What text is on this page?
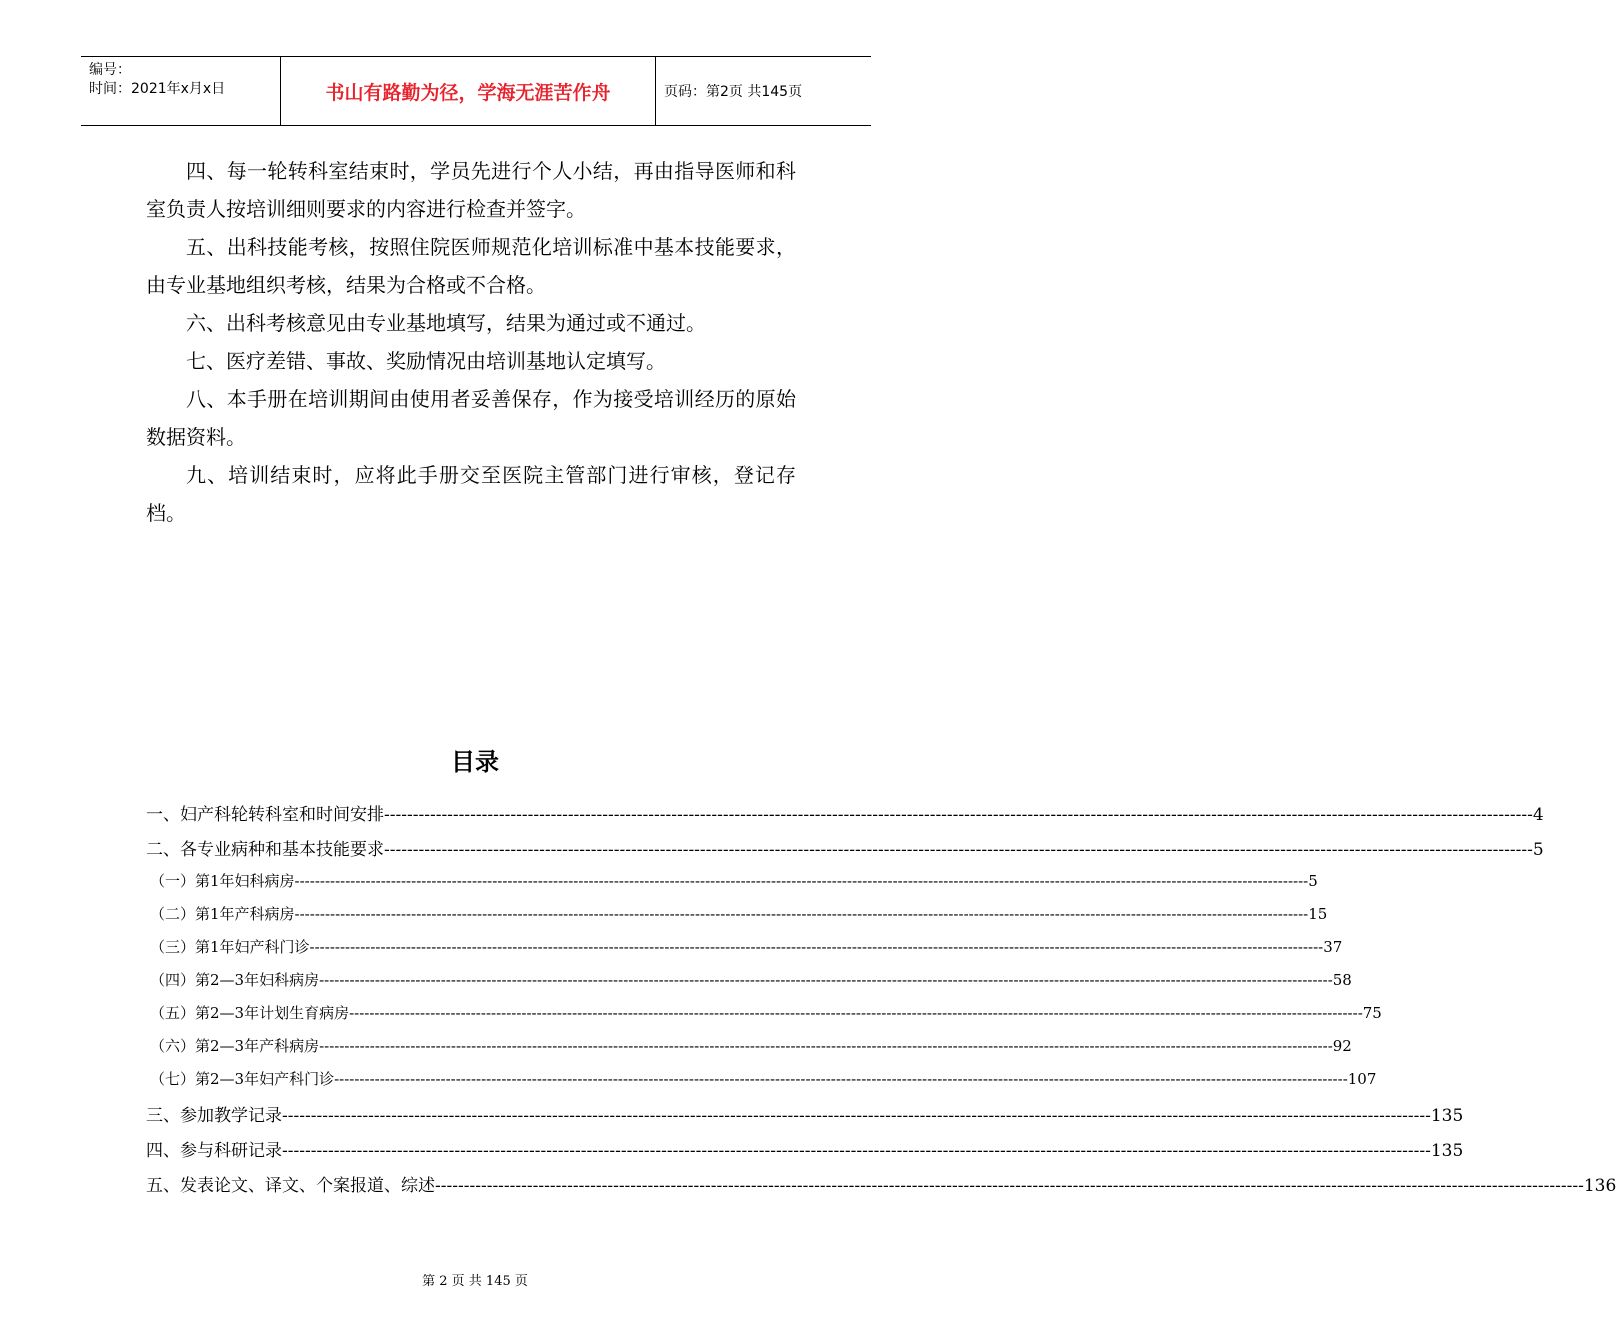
编号：
时间：2021年x月x日	书山有路勤为径，学海无涯苦作舟	页码：第2页 共145页

四、每一轮转科室结束时，学员先进行个人小结，再由指导医师和科室负责人按培训细则要求的内容进行检查并签字。

五、出科技能考核，按照住院医师规范化培训标准中基本技能要求，由专业基地组织考核，结果为合格或不合格。

六、出科考核意见由专业基地填写，结果为通过或不通过。

七、医疗差错、事故、奖励情况由培训基地认定填写。

八、本手册在培训期间由使用者妥善保存，作为接受培训经历的原始数据资料。

九、培训结束时，应将此手册交至医院主管部门进行审核，登记存档。

目录
一、妇产科轮转科室和时间安排 -------------------------------------------------------------------------------------------------------------------------------------------------------------------------------------------------------- 4
二、各专业病种和基本技能要求 -------------------------------------------------------------------------------------------------------------------------------------------------------------------------------------------------------- 5
（一）第1年妇科病房 -------------------------------------------------------------------------------------------------------------------------------------------------------------------------------------------------------- 5
（二）第1年产科病房 -------------------------------------------------------------------------------------------------------------------------------------------------------------------------------------------------------- 15
（三）第1年妇产科门诊 -------------------------------------------------------------------------------------------------------------------------------------------------------------------------------------------------------- 37
（四）第2—3年妇科病房 -------------------------------------------------------------------------------------------------------------------------------------------------------------------------------------------------------- 58
（五）第2—3年计划生育病房 -------------------------------------------------------------------------------------------------------------------------------------------------------------------------------------------------------- 75
（六）第2—3年产科病房 -------------------------------------------------------------------------------------------------------------------------------------------------------------------------------------------------------- 92
（七）第2—3年妇产科门诊 -------------------------------------------------------------------------------------------------------------------------------------------------------------------------------------------------------- 107
三、参加教学记录 -------------------------------------------------------------------------------------------------------------------------------------------------------------------------------------------------------- 135
四、参与科研记录 -------------------------------------------------------------------------------------------------------------------------------------------------------------------------------------------------------- 135
五、发表论文、译文、个案报道、综述 -------------------------------------------------------------------------------------------------------------------------------------------------------------------------------------------------------- 136
第 2 页 共 145 页
